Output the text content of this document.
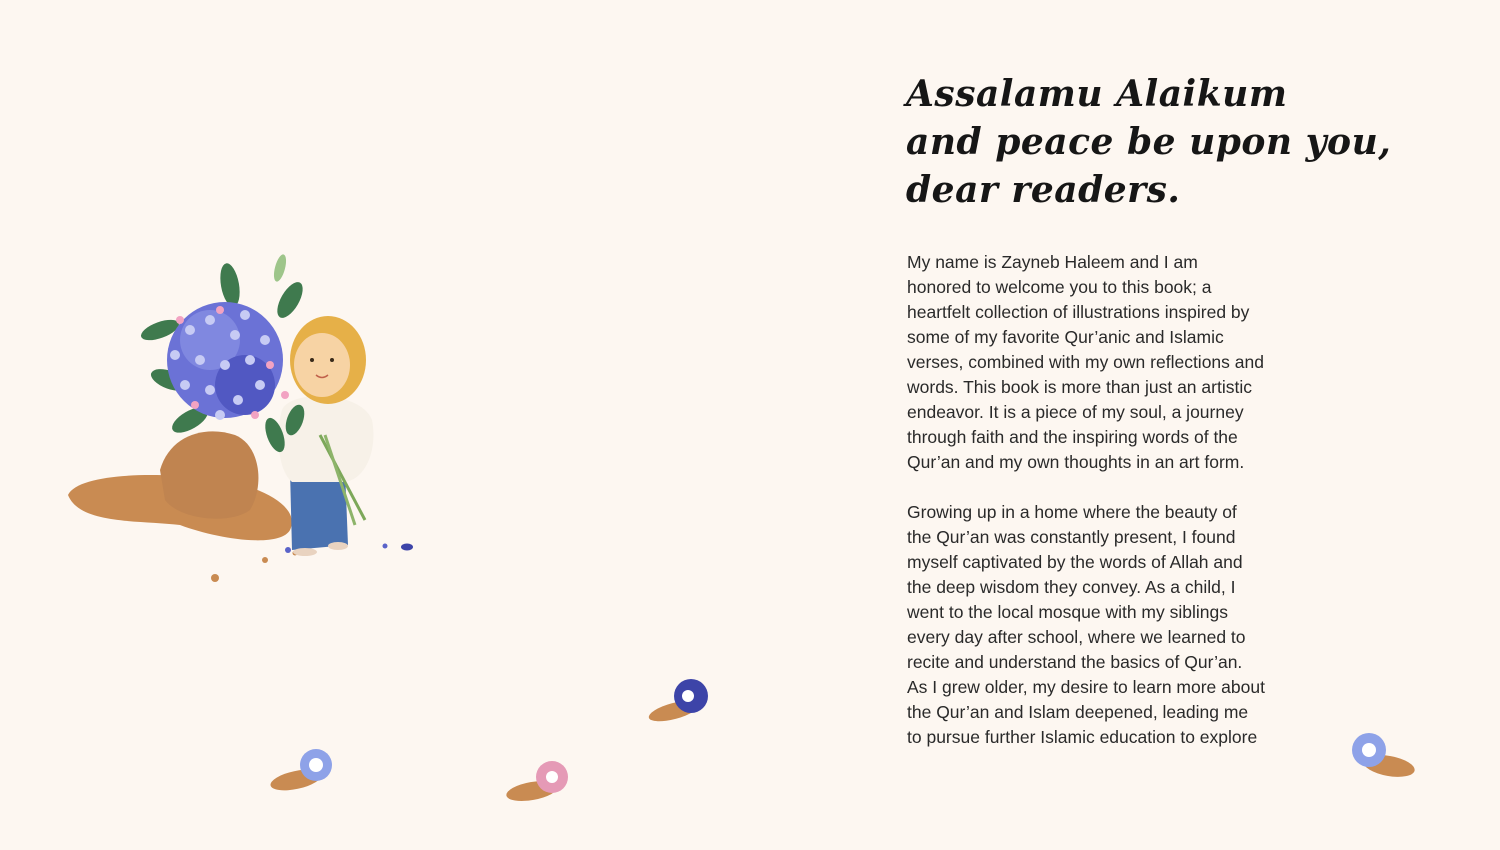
Assalamu Alaikum
and peace be upon you,
dear readers.
My name is Zayneb Haleem and I am
honored to welcome you to this book; a
heartfelt collection of illustrations inspired by
some of my favorite Qur’anic and Islamic
verses, combined with my own reflections and
words. This book is more than just an artistic
endeavor. It is a piece of my soul, a journey
through faith and the inspiring words of the
Qur’an and my own thoughts in an art form.
Growing up in a home where the beauty of
the Qur’an was constantly present, I found
myself captivated by the words of Allah and
the deep wisdom they convey. As a child, I
went to the local mosque with my siblings
every day after school, where we learned to
recite and understand the basics of Qur’an.
As I grew older, my desire to learn more about
the Qur’an and Islam deepened, leading me
to pursue further Islamic education to explore
